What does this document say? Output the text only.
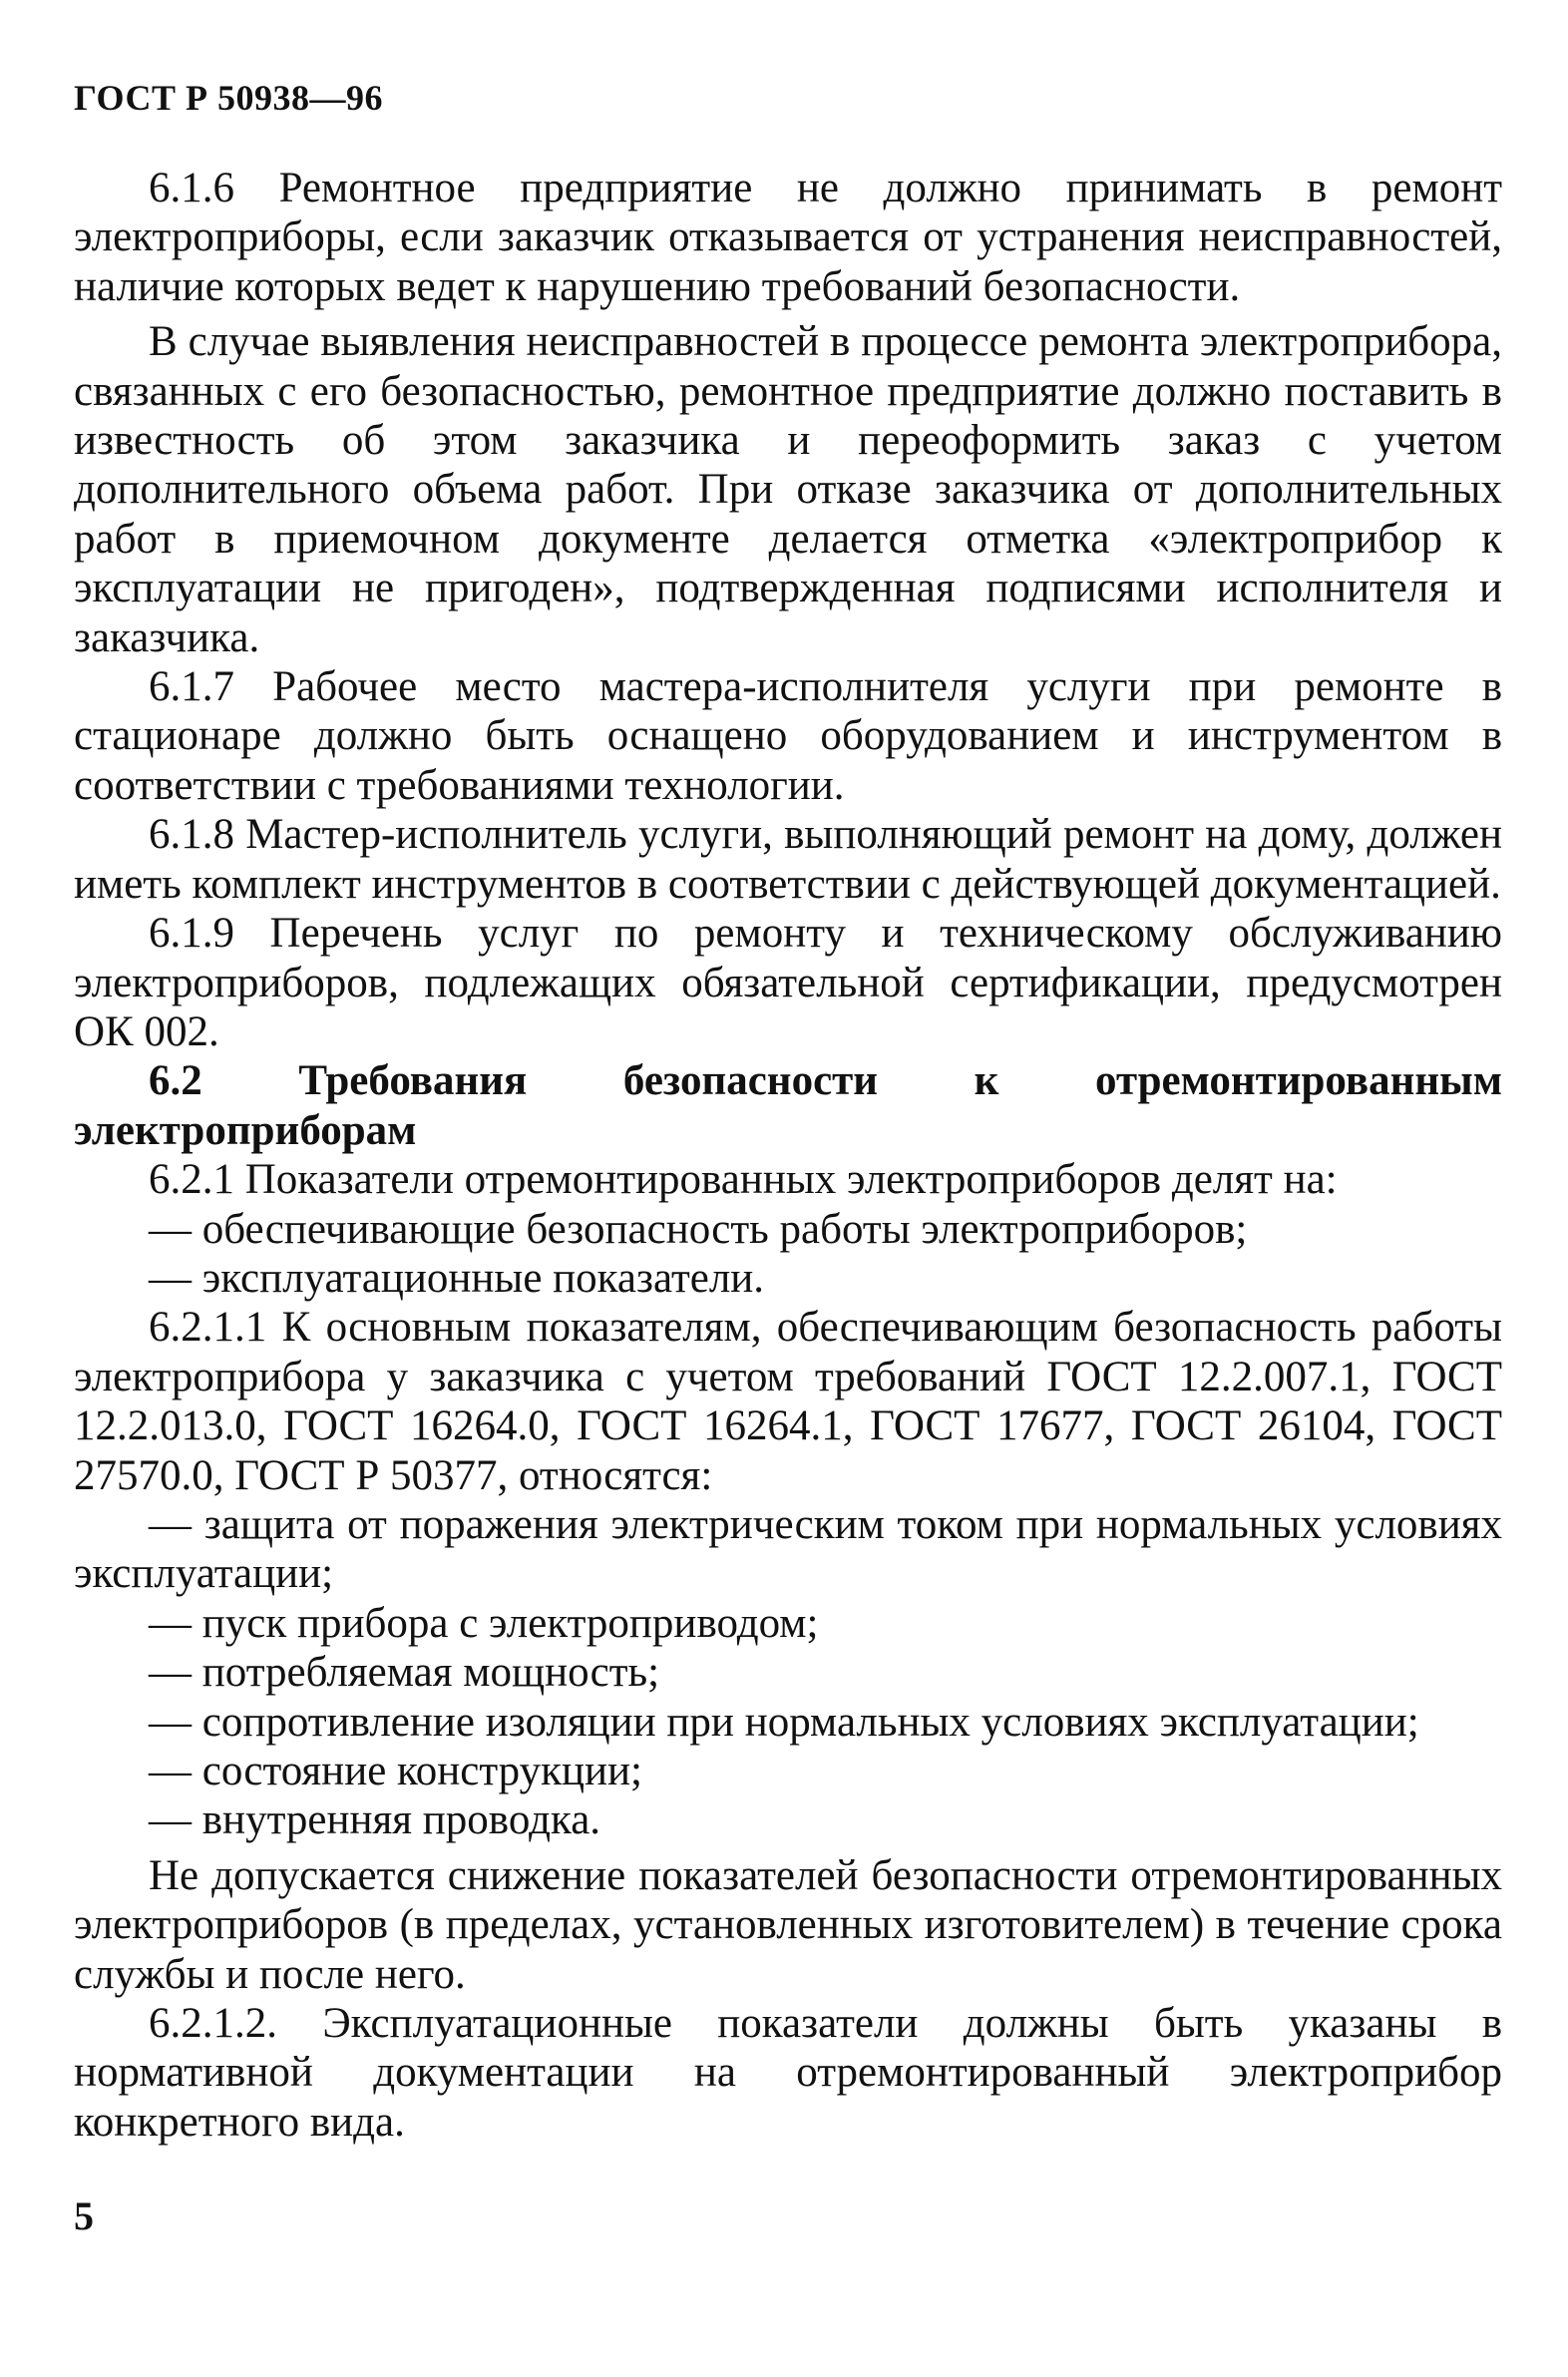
ГОСТ Р 50938—96

6.1.6 Ремонтное предприятие не должно принимать в ремонт электроприборы, если заказчик отказывается от устранения неисправностей, наличие которых ведет к нарушению требований безопасности.

В случае выявления неисправностей в процессе ремонта электроприбора, связанных с его безопасностью, ремонтное предприятие должно поставить в известность об этом заказчика и переоформить заказ с учетом дополнительного объема работ. При отказе заказчика от дополнительных работ в приемочном документе делается отметка «электроприбор к эксплуатации не пригоден», подтвержденная подписями исполнителя и заказчика.

6.1.7 Рабочее место мастера-исполнителя услуги при ремонте в стационаре должно быть оснащено оборудованием и инструментом в соответствии с требованиями технологии.

6.1.8 Мастер-исполнитель услуги, выполняющий ремонт на дому, должен иметь комплект инструментов в соответствии с действующей документацией.

6.1.9 Перечень услуг по ремонту и техническому обслуживанию электроприборов, подлежащих обязательной сертификации, предусмотрен ОК 002.

6.2 Требования безопасности к отремонтированным электроприборам

6.2.1 Показатели отремонтированных электроприборов делят на:

— обеспечивающие безопасность работы электроприборов;

— эксплуатационные показатели.

6.2.1.1 К основным показателям, обеспечивающим безопасность работы электроприбора у заказчика с учетом требований ГОСТ 12.2.007.1, ГОСТ 12.2.013.0, ГОСТ 16264.0, ГОСТ 16264.1, ГОСТ 17677, ГОСТ 26104, ГОСТ 27570.0, ГОСТ Р 50377, относятся:

— защита от поражения электрическим током при нормальных условиях эксплуатации;

— пуск прибора с электроприводом;

— потребляемая мощность;

— сопротивление изоляции при нормальных условиях эксплуатации;

— состояние конструкции;

— внутренняя проводка.

Не допускается снижение показателей безопасности отремонтированных электроприборов (в пределах, установленных изготовителем) в течение срока службы и после него.

6.2.1.2. Эксплуатационные показатели должны быть указаны в нормативной документации на отремонтированный электроприбор конкретного вида.

5
